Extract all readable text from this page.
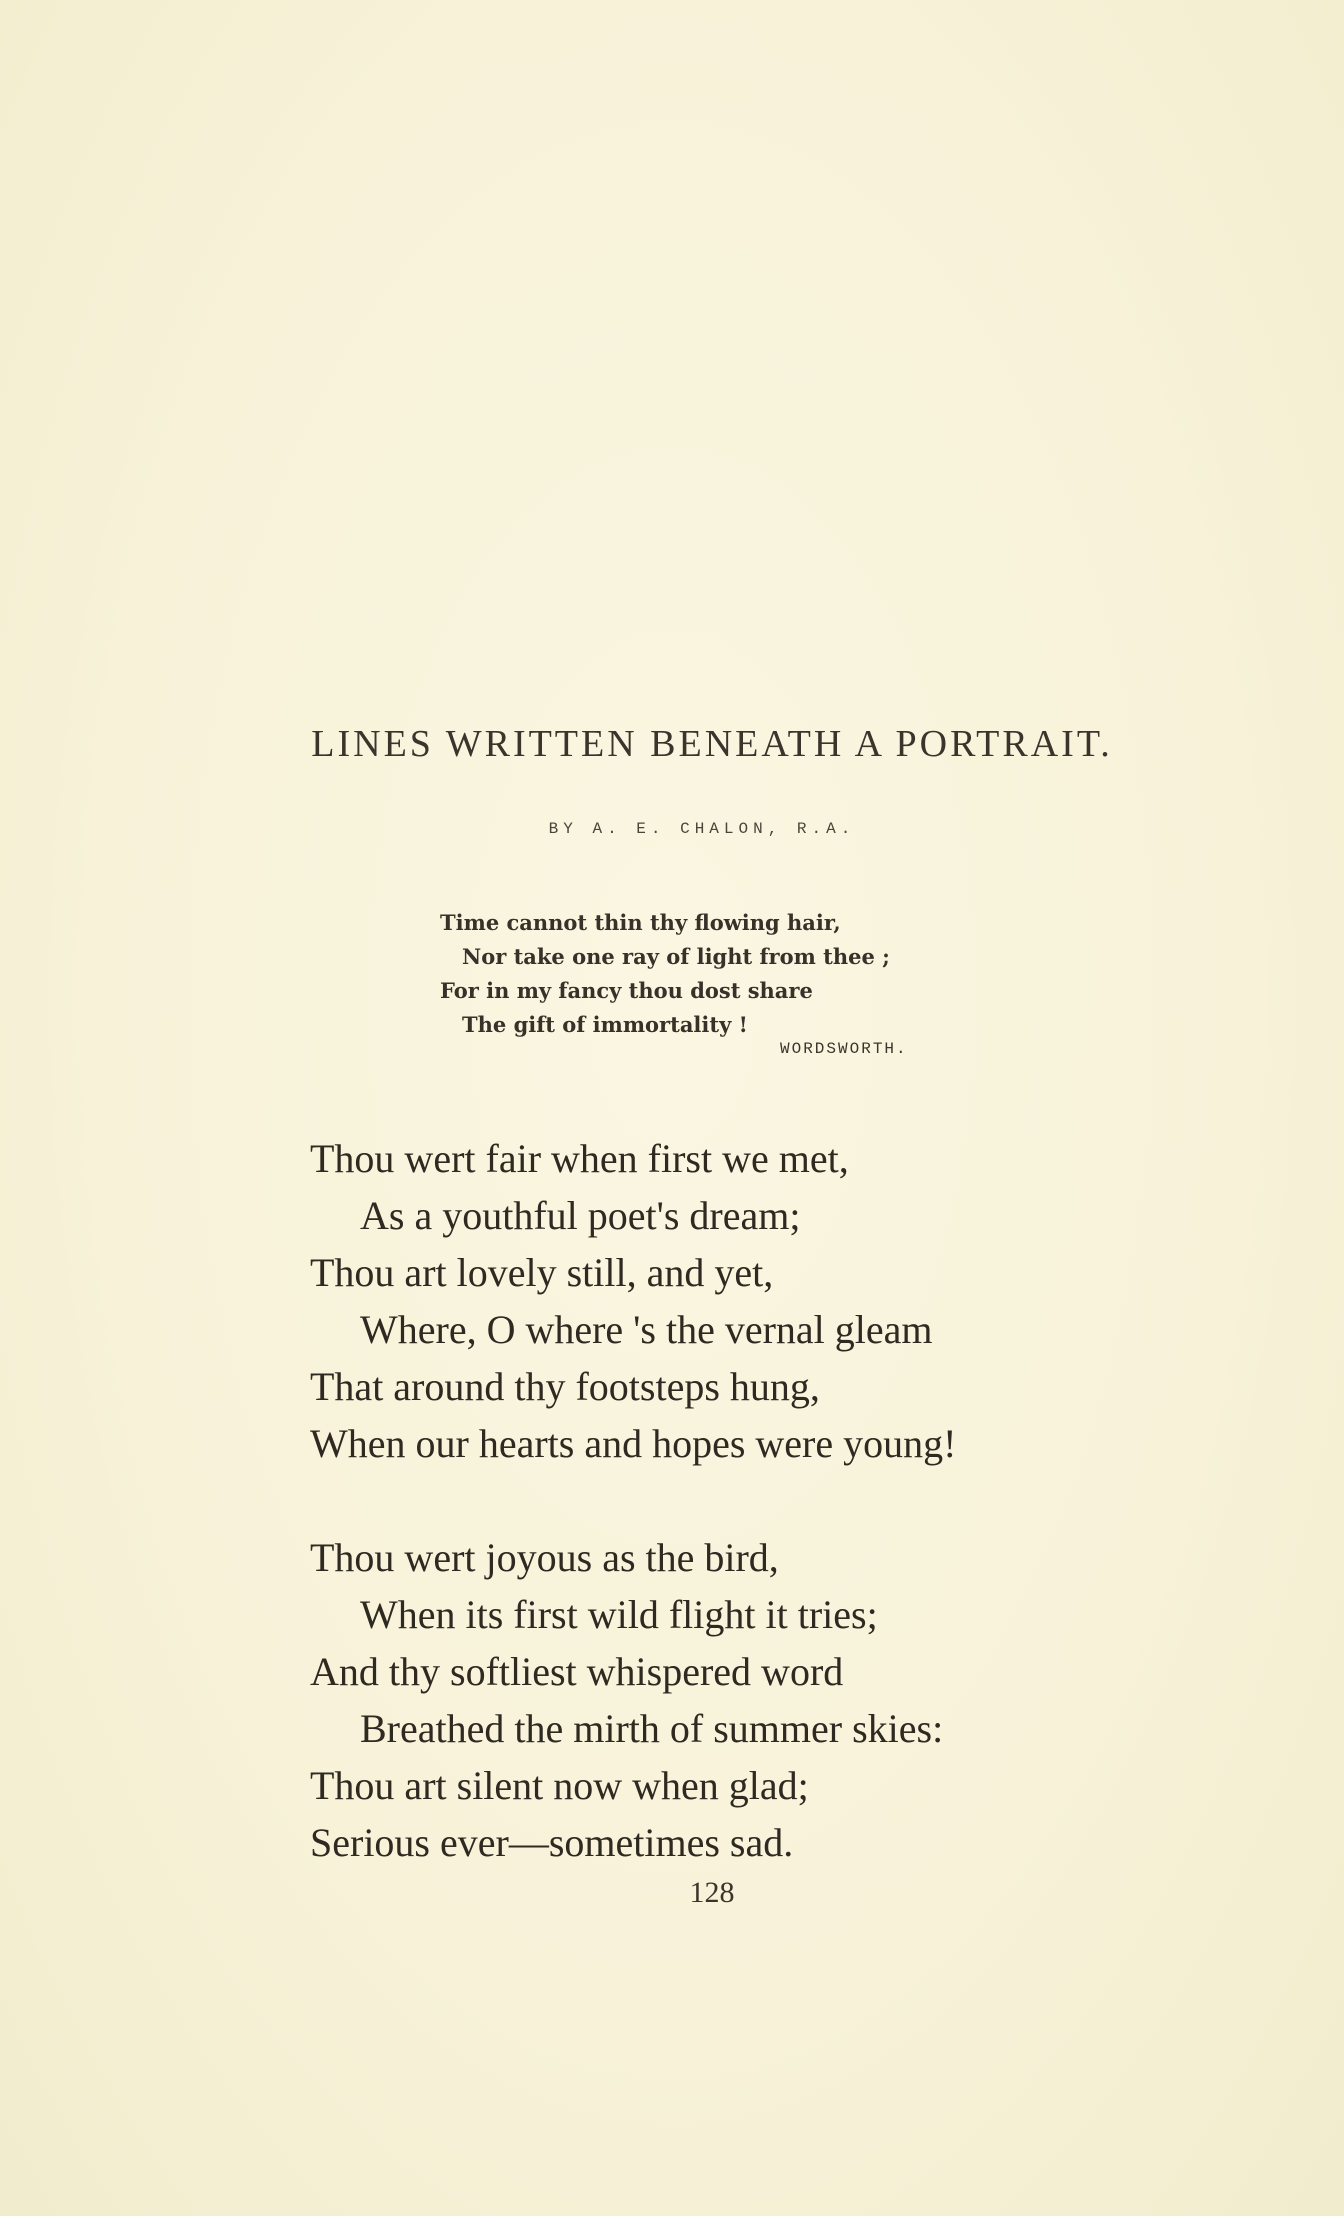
LINES WRITTEN BENEATH A PORTRAIT.
BY A. E. CHALON, R.A.
Time cannot thin thy flowing hair,
Nor take one ray of light from thee ;
For in my fancy thou dost share
The gift of immortality !
WORDSWORTH.
Thou wert fair when first we met,
As a youthful poet's dream;
Thou art lovely still, and yet,
Where, O where 's the vernal gleam
That around thy footsteps hung,
When our hearts and hopes were young!
Thou wert joyous as the bird,
When its first wild flight it tries;
And thy softliest whispered word
Breathed the mirth of summer skies:
Thou art silent now when glad;
Serious ever—sometimes sad.
128
